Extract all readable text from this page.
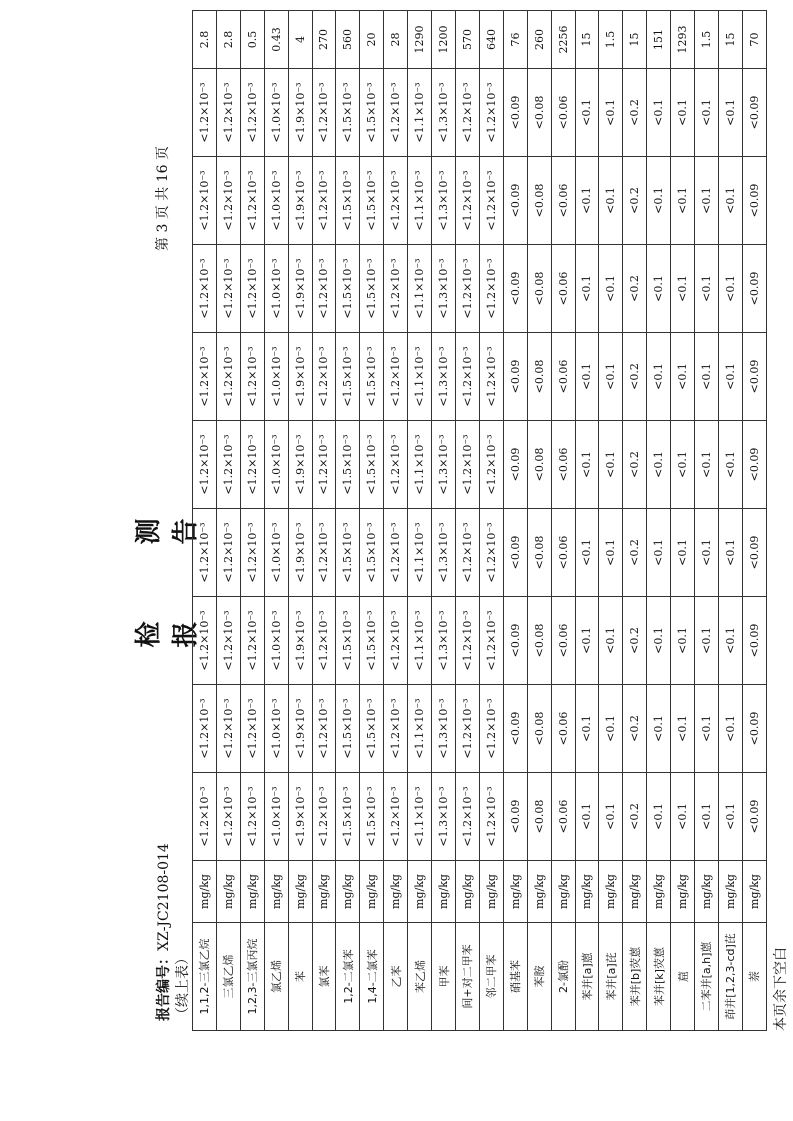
检 测 报 告
报告编号：XZ-JC2108-014
（续上表）
第 3 页 共 16 页
1,1,2-三氯乙烷	mg/kg	<1.2×10⁻³	<1.2×10⁻³	<1.2×10⁻³	<1.2×10⁻³	<1.2×10⁻³	<1.2×10⁻³	<1.2×10⁻³	<1.2×10⁻³	<1.2×10⁻³	2.8
三氯乙烯	mg/kg	<1.2×10⁻³	<1.2×10⁻³	<1.2×10⁻³	<1.2×10⁻³	<1.2×10⁻³	<1.2×10⁻³	<1.2×10⁻³	<1.2×10⁻³	<1.2×10⁻³	2.8
1,2,3-三氯丙烷	mg/kg	<1.2×10⁻³	<1.2×10⁻³	<1.2×10⁻³	<1.2×10⁻³	<1.2×10⁻³	<1.2×10⁻³	<1.2×10⁻³	<1.2×10⁻³	<1.2×10⁻³	0.5
氯乙烯	mg/kg	<1.0×10⁻³	<1.0×10⁻³	<1.0×10⁻³	<1.0×10⁻³	<1.0×10⁻³	<1.0×10⁻³	<1.0×10⁻³	<1.0×10⁻³	<1.0×10⁻³	0.43
苯	mg/kg	<1.9×10⁻³	<1.9×10⁻³	<1.9×10⁻³	<1.9×10⁻³	<1.9×10⁻³	<1.9×10⁻³	<1.9×10⁻³	<1.9×10⁻³	<1.9×10⁻³	4
氯苯	mg/kg	<1.2×10⁻³	<1.2×10⁻³	<1.2×10⁻³	<1.2×10⁻³	<1.2×10⁻³	<1.2×10⁻³	<1.2×10⁻³	<1.2×10⁻³	<1.2×10⁻³	270
1,2-二氯苯	mg/kg	<1.5×10⁻³	<1.5×10⁻³	<1.5×10⁻³	<1.5×10⁻³	<1.5×10⁻³	<1.5×10⁻³	<1.5×10⁻³	<1.5×10⁻³	<1.5×10⁻³	560
1,4-二氯苯	mg/kg	<1.5×10⁻³	<1.5×10⁻³	<1.5×10⁻³	<1.5×10⁻³	<1.5×10⁻³	<1.5×10⁻³	<1.5×10⁻³	<1.5×10⁻³	<1.5×10⁻³	20
乙苯	mg/kg	<1.2×10⁻³	<1.2×10⁻³	<1.2×10⁻³	<1.2×10⁻³	<1.2×10⁻³	<1.2×10⁻³	<1.2×10⁻³	<1.2×10⁻³	<1.2×10⁻³	28
苯乙烯	mg/kg	<1.1×10⁻³	<1.1×10⁻³	<1.1×10⁻³	<1.1×10⁻³	<1.1×10⁻³	<1.1×10⁻³	<1.1×10⁻³	<1.1×10⁻³	<1.1×10⁻³	1290
甲苯	mg/kg	<1.3×10⁻³	<1.3×10⁻³	<1.3×10⁻³	<1.3×10⁻³	<1.3×10⁻³	<1.3×10⁻³	<1.3×10⁻³	<1.3×10⁻³	<1.3×10⁻³	1200
间+对二甲苯	mg/kg	<1.2×10⁻³	<1.2×10⁻³	<1.2×10⁻³	<1.2×10⁻³	<1.2×10⁻³	<1.2×10⁻³	<1.2×10⁻³	<1.2×10⁻³	<1.2×10⁻³	570
邻二甲苯	mg/kg	<1.2×10⁻³	<1.2×10⁻³	<1.2×10⁻³	<1.2×10⁻³	<1.2×10⁻³	<1.2×10⁻³	<1.2×10⁻³	<1.2×10⁻³	<1.2×10⁻³	640
硝基苯	mg/kg	<0.09	<0.09	<0.09	<0.09	<0.09	<0.09	<0.09	<0.09	<0.09	76
苯胺	mg/kg	<0.08	<0.08	<0.08	<0.08	<0.08	<0.08	<0.08	<0.08	<0.08	260
2-氯酚	mg/kg	<0.06	<0.06	<0.06	<0.06	<0.06	<0.06	<0.06	<0.06	<0.06	2256
苯并[a]蒽	mg/kg	<0.1	<0.1	<0.1	<0.1	<0.1	<0.1	<0.1	<0.1	<0.1	15
苯并[a]芘	mg/kg	<0.1	<0.1	<0.1	<0.1	<0.1	<0.1	<0.1	<0.1	<0.1	1.5
苯并[b]荧蒽	mg/kg	<0.2	<0.2	<0.2	<0.2	<0.2	<0.2	<0.2	<0.2	<0.2	15
苯并[k]荧蒽	mg/kg	<0.1	<0.1	<0.1	<0.1	<0.1	<0.1	<0.1	<0.1	<0.1	151
䓛	mg/kg	<0.1	<0.1	<0.1	<0.1	<0.1	<0.1	<0.1	<0.1	<0.1	1293
二苯并[a,h]蒽	mg/kg	<0.1	<0.1	<0.1	<0.1	<0.1	<0.1	<0.1	<0.1	<0.1	1.5
茚并[1,2,3-cd]芘	mg/kg	<0.1	<0.1	<0.1	<0.1	<0.1	<0.1	<0.1	<0.1	<0.1	15
萘	mg/kg	<0.09	<0.09	<0.09	<0.09	<0.09	<0.09	<0.09	<0.09	<0.09	70
本页余下空白
